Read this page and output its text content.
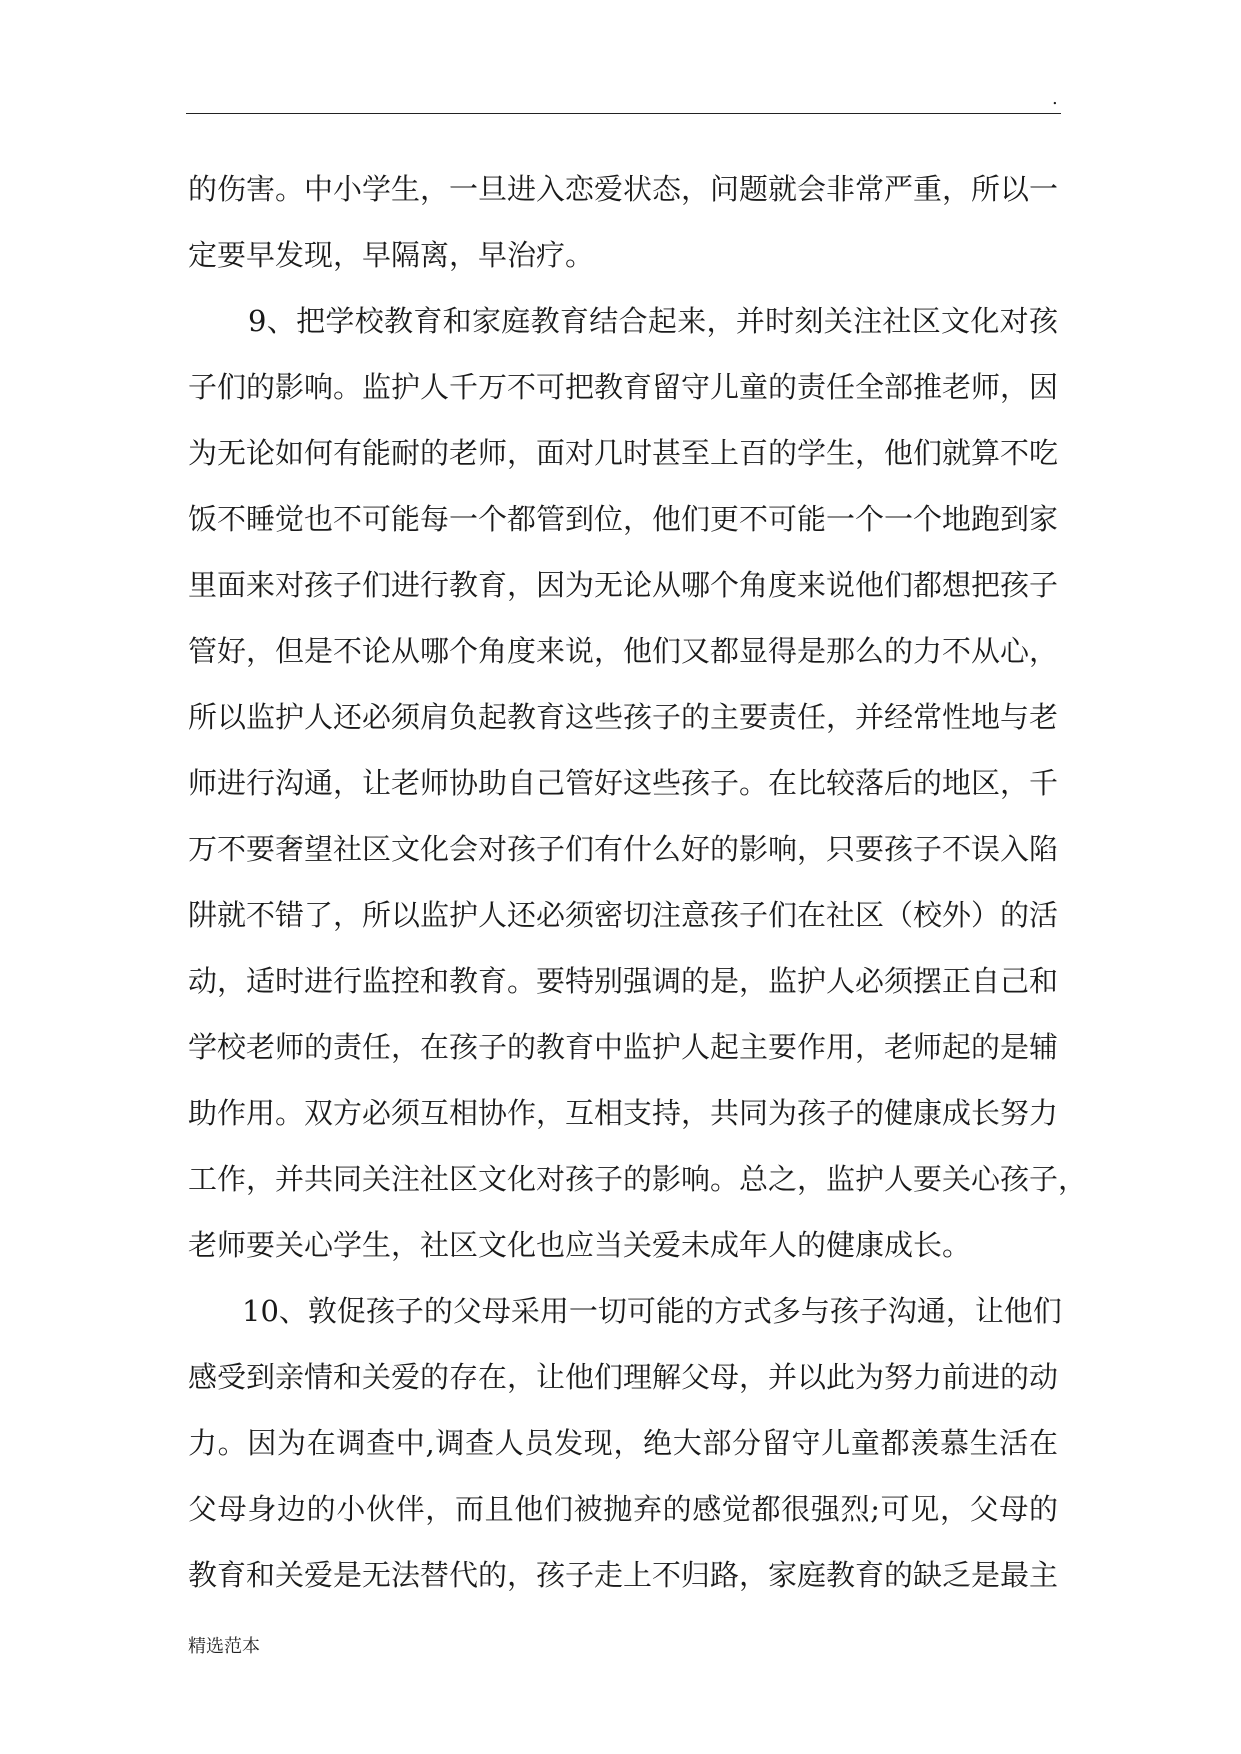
.
的伤害。中小学生，一旦进入恋爱状态，问题就会非常严重，所以一
定要早发现，早隔离，早治疗。
9、把学校教育和家庭教育结合起来，并时刻关注社区文化对孩
子们的影响。监护人千万不可把教育留守儿童的责任全部推老师，因
为无论如何有能耐的老师，面对几时甚至上百的学生，他们就算不吃
饭不睡觉也不可能每一个都管到位，他们更不可能一个一个地跑到家
里面来对孩子们进行教育，因为无论从哪个角度来说他们都想把孩子
管好，但是不论从哪个角度来说，他们又都显得是那么的力不从心，
所以监护人还必须肩负起教育这些孩子的主要责任，并经常性地与老
师进行沟通，让老师协助自己管好这些孩子。在比较落后的地区，千
万不要奢望社区文化会对孩子们有什么好的影响，只要孩子不误入陷
阱就不错了，所以监护人还必须密切注意孩子们在社区（校外）的活
动，适时进行监控和教育。要特别强调的是，监护人必须摆正自己和
学校老师的责任，在孩子的教育中监护人起主要作用，老师起的是辅
助作用。双方必须互相协作，互相支持，共同为孩子的健康成长努力
工作，并共同关注社区文化对孩子的影响。总之，监护人要关心孩子，
老师要关心学生，社区文化也应当关爱未成年人的健康成长。
10、敦促孩子的父母采用一切可能的方式多与孩子沟通，让他们
感受到亲情和关爱的存在，让他们理解父母，并以此为努力前进的动
力。因为在调查中,调查人员发现，绝大部分留守儿童都羡慕生活在
父母身边的小伙伴，而且他们被抛弃的感觉都很强烈;可见，父母的
教育和关爱是无法替代的，孩子走上不归路，家庭教育的缺乏是最主
精选范本
